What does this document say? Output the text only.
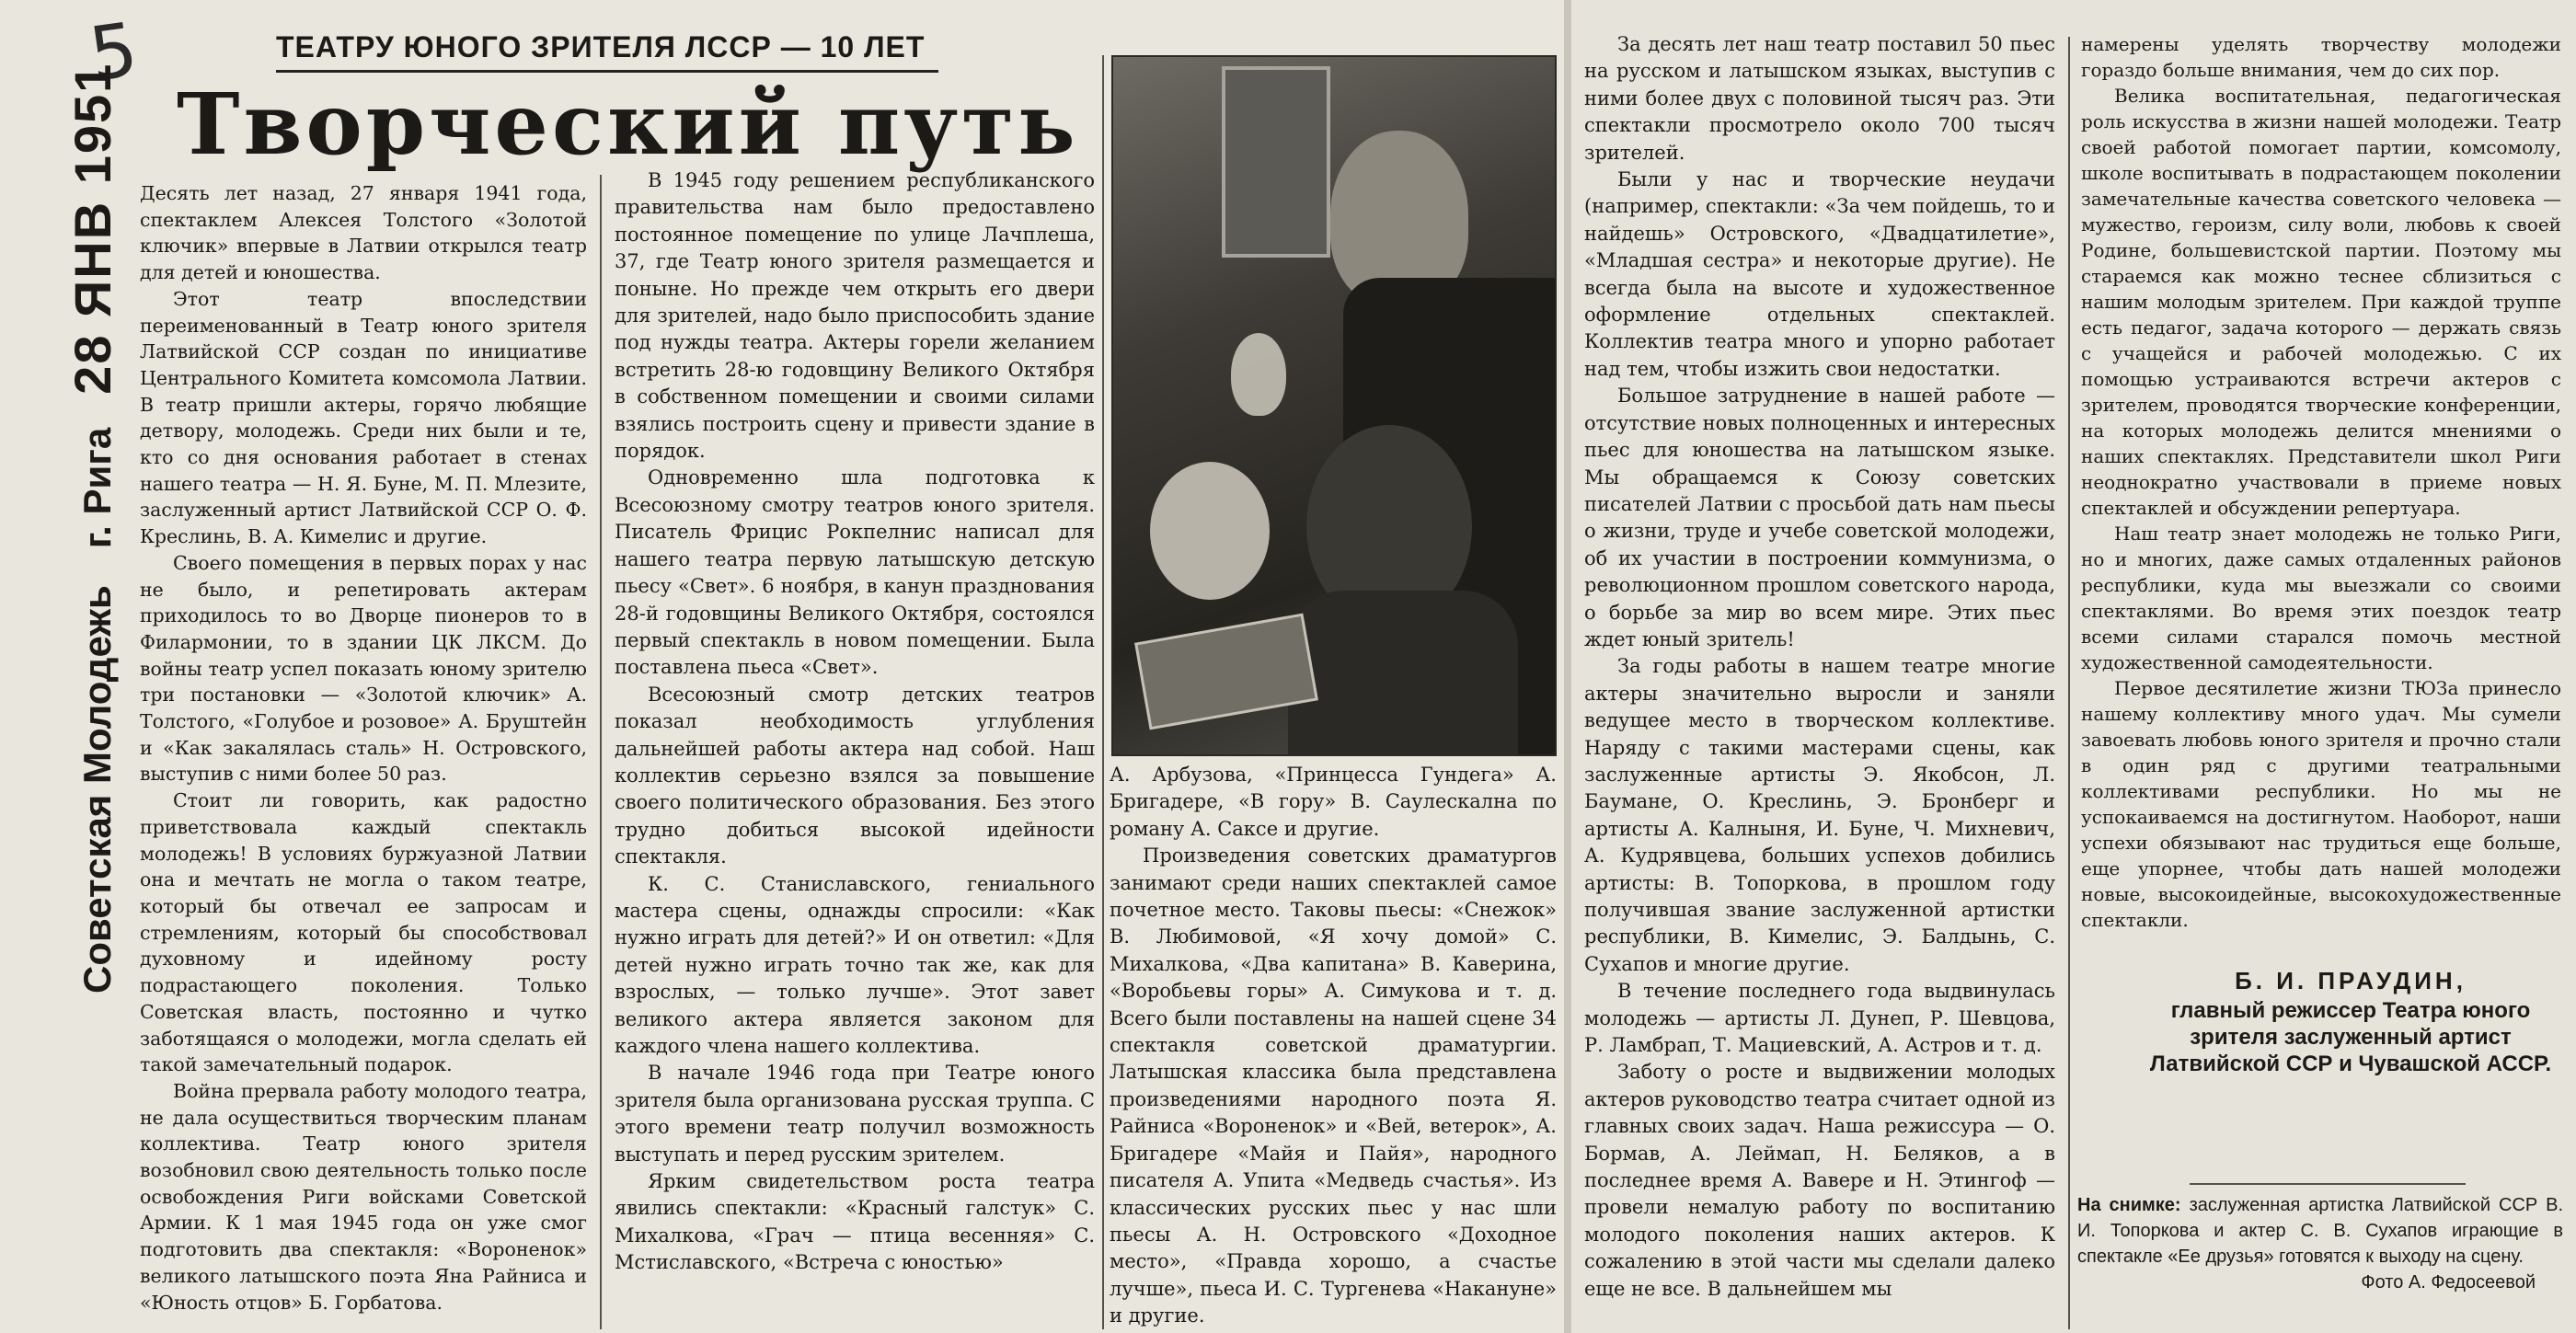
5
Советская Молодежьг. Рига28 ЯНВ 1951
ТЕАТРУ ЮНОГО ЗРИТЕЛЯ ЛССР — 10 ЛЕТ
Творческий путь

Десять лет назад, 27 января 1941 года, спектаклем Алексея Толстого «Золотой ключик» впервые в Латвии открылся театр для детей и юношества.

Этот театр впоследствии переименованный в Театр юного зрителя Латвийской ССР создан по инициативе Центрального Комитета комсомола Латвии. В театр пришли актеры, горячо любящие детвору, молодежь. Среди них были и те, кто со дня основания работает в стенах нашего театра — Н. Я. Буне, М. П. Млезите, заслуженный артист Латвийской ССР О. Ф. Креслинь, В. А. Кимелис и другие.

Своего помещения в первых порах у нас не было, и репетировать актерам приходилось то во Дворце пионеров то в Филармонии, то в здании ЦК ЛКСМ. До войны театр успел показать юному зрителю три постановки — «Золотой ключик» А. Толстого, «Голубое и розовое» А. Бруштейн и «Как закалялась сталь» Н. Островского, выступив с ними более 50 раз.

Стоит ли говорить, как радостно приветствовала каждый спектакль молодежь! В условиях буржуазной Латвии она и мечтать не могла о таком театре, который бы отвечал ее запросам и стремлениям, который бы способствовал духовному и идейному росту подрастающего поколения. Только Советская власть, постоянно и чутко заботящаяся о молодежи, могла сделать ей такой замечательный подарок.

Война прервала работу молодого театра, не дала осуществиться творческим планам коллектива. Театр юного зрителя возобновил свою деятельность только после освобождения Риги войсками Советской Армии. К 1 мая 1945 года он уже смог подготовить два спектакля: «Вороненок» великого латышского поэта Яна Райниса и «Юность отцов» Б. Горбатова.

В 1945 году решением республиканского правительства нам было предоставлено постоянное помещение по улице Лачплеша, 37, где Театр юного зрителя размещается и поныне. Но прежде чем открыть его двери для зрителей, надо было приспособить здание под нужды театра. Актеры горели желанием встретить 28-ю годовщину Великого Октября в собственном помещении и своими силами взялись построить сцену и привести здание в порядок.

Одновременно шла подготовка к Всесоюзному смотру театров юного зрителя. Писатель Фрицис Рокпелнис написал для нашего театра первую латышскую детскую пьесу «Свет». 6 ноября, в канун празднования 28-й годовщины Великого Октября, состоялся первый спектакль в новом помещении. Была поставлена пьеса «Свет».

Всесоюзный смотр детских театров показал необходимость углубления дальнейшей работы актера над собой. Наш коллектив серьезно взялся за повышение своего политического образования. Без этого трудно добиться высокой идейности спектакля.

К. С. Станиславского, гениального мастера сцены, однажды спросили: «Как нужно играть для детей?» И он ответил: «Для детей нужно играть точно так же, как для взрослых, — только лучше». Этот завет великого актера является законом для каждого члена нашего коллектива.

В начале 1946 года при Театре юного зрителя была организована русская труппа. С этого времени театр получил возможность выступать и перед русским зрителем.

Ярким свидетельством роста театра явились спектакли: «Красный галстук» С. Михалкова, «Грач — птица весенняя» С. Мстиславского, «Встреча с юностью»

А. Арбузова, «Принцесса Гундега» А. Бригадере, «В гору» В. Саулескална по роману А. Саксе и другие.

Произведения советских драматургов занимают среди наших спектаклей самое почетное место. Таковы пьесы: «Снежок» В. Любимовой, «Я хочу домой» С. Михалкова, «Два капитана» В. Каверина, «Воробьевы горы» А. Симукова и т. д. Всего были поставлены на нашей сцене 34 спектакля советской драматургии. Латышская классика была представлена произведениями народного поэта Я. Райниса «Вороненок» и «Вей, ветерок», А. Бригадере «Майя и Пайя», народного писателя А. Упита «Медведь счастья». Из классических русских пьес у нас шли пьесы А. Н. Островского «Доходное место», «Правда хорошо, а счастье лучше», пьеса И. С. Тургенева «Накануне» и другие.

За десять лет наш театр поставил 50 пьес на русском и латышском языках, выступив с ними более двух с половиной тысяч раз. Эти спектакли просмотрело около 700 тысяч зрителей.

Были у нас и творческие неудачи (например, спектакли: «За чем пойдешь, то и найдешь» Островского, «Двадцатилетие», «Младшая сестра» и некоторые другие). Не всегда была на высоте и художественное оформление отдельных спектаклей. Коллектив театра много и упорно работает над тем, чтобы изжить свои недостатки.

Большое затруднение в нашей работе — отсутствие новых полноценных и интересных пьес для юношества на латышском языке. Мы обращаемся к Союзу советских писателей Латвии с просьбой дать нам пьесы о жизни, труде и учебе советской молодежи, об их участии в построении коммунизма, о революционном прошлом советского народа, о борьбе за мир во всем мире. Этих пьес ждет юный зритель!

За годы работы в нашем театре многие актеры значительно выросли и заняли ведущее место в творческом коллективе. Наряду с такими мастерами сцены, как заслуженные артисты Э. Якобсон, Л. Баумане, О. Креслинь, Э. Бронберг и артисты А. Калныня, И. Буне, Ч. Михневич, А. Кудрявцева, больших успехов добились артисты: В. Топоркова, в прошлом году получившая звание заслуженной артистки республики, В. Кимелис, Э. Балдынь, С. Сухапов и многие другие.

В течение последнего года выдвинулась молодежь — артисты Л. Дунеп, Р. Шевцова, Р. Ламбрап, Т. Мациевский, А. Астров и т. д.

Заботу о росте и выдвижении молодых актеров руководство театра считает одной из главных своих задач. Наша режиссура — О. Бормав, А. Леймап, Н. Беляков, а в последнее время А. Вавере и Н. Этингоф — провели немалую работу по воспитанию молодого поколения наших актеров. К сожалению в этой части мы сделали далеко еще не все. В дальнейшем мы

намерены уделять творчеству молодежи гораздо больше внимания, чем до сих пор.

Велика воспитательная, педагогическая роль искусства в жизни нашей молодежи. Театр своей работой помогает партии, комсомолу, школе воспитывать в подрастающем поколении замечательные качества советского человека — мужество, героизм, силу воли, любовь к своей Родине, большевистской партии. Поэтому мы стараемся как можно теснее сблизиться с нашим молодым зрителем. При каждой труппе есть педагог, задача которого — держать связь с учащейся и рабочей молодежью. С их помощью устраиваются встречи актеров с зрителем, проводятся творческие конференции, на которых молодежь делится мнениями о наших спектаклях. Представители школ Риги неоднократно участвовали в приеме новых спектаклей и обсуждении репертуара.

Наш театр знает молодежь не только Риги, но и многих, даже самых отдаленных районов республики, куда мы выезжали со своими спектаклями. Во время этих поездок театр всеми силами старался помочь местной художественной самодеятельности.

Первое десятилетие жизни ТЮЗа принесло нашему коллективу много удач. Мы сумели завоевать любовь юного зрителя и прочно стали в один ряд с другими театральными коллективами республики. Но мы не успокаиваемся на достигнутом. Наоборот, наши успехи обязывают нас трудиться еще больше, еще упорнее, чтобы дать нашей молодежи новые, высокоидейные, высокохудожественные спектакли.

Б. И. ПРАУДИН,
главный режиссер Театра юного зрителя заслуженный артист Латвийской ССР и Чувашской АССР.
На снимке: заслуженная артистка Латвийской ССР В. И. Топоркова и актер С. В. Сухапов играющие в спектакле «Ее друзья» готовятся к выходу на сцену.
Фото А. Федосеевой
